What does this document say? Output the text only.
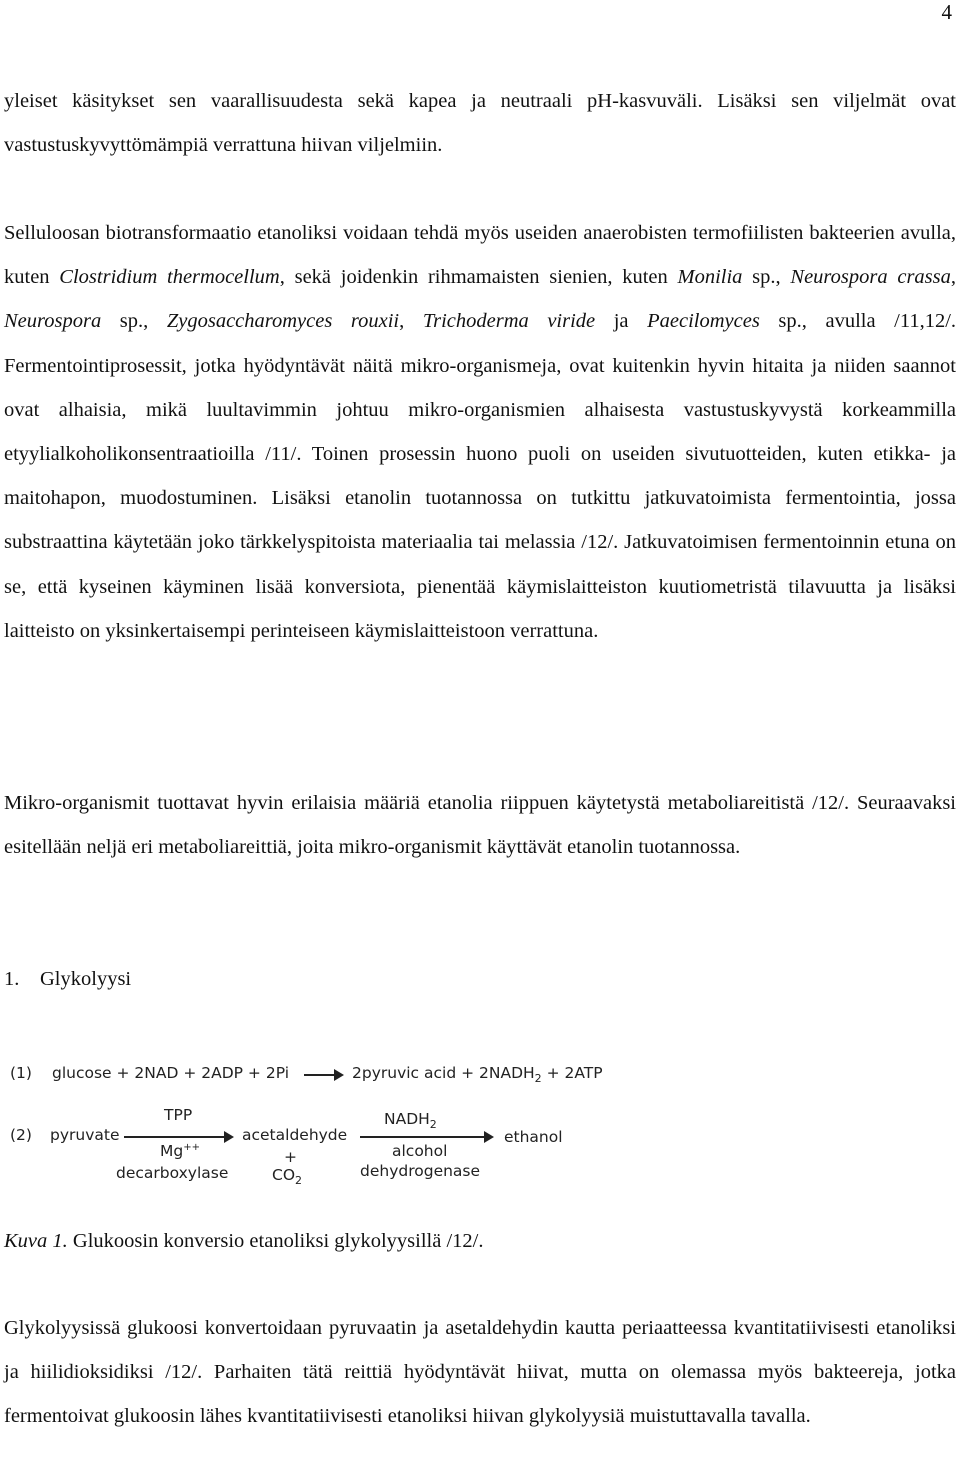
4

yleiset käsitykset sen vaarallisuudesta sekä kapea ja neutraali pH-kasvuväli. Lisäksi sen viljelmät ovat vastustuskyvyttömämpiä verrattuna hiivan viljelmiin.

Selluloosan biotransformaatio etanoliksi voidaan tehdä myös useiden anaerobisten termofiilisten bakteerien avulla, kuten Clostridium thermocellum, sekä joidenkin rihmamaisten sienien, kuten Monilia sp., Neurospora crassa, Neurospora sp., Zygosaccharomyces rouxii, Trichoderma viride ja Paecilomyces sp., avulla /11,12/. Fermentointiprosessit, jotka hyödyntävät näitä mikro-organismeja, ovat kuitenkin hyvin hitaita ja niiden saannot ovat alhaisia, mikä luultavimmin johtuu mikro-organismien alhaisesta vastustuskyvystä korkeammilla etyylialkoholikonsentraatioilla /11/. Toinen prosessin huono puoli on useiden sivutuotteiden, kuten etikka- ja maitohapon, muodostuminen. Lisäksi etanolin tuotannossa on tutkittu jatkuvatoimista fermentointia, jossa substraattina käytetään joko tärkkelyspitoista materiaalia tai melassia /12/. Jatkuvatoimisen fermentoinnin etuna on se, että kyseinen käyminen lisää konversiota, pienentää käymislaitteiston kuutiometristä tilavuutta ja lisäksi laitteisto on yksinkertaisempi perinteiseen käymislaitteistoon verrattuna.

Mikro-organismit tuottavat hyvin erilaisia määriä etanolia riippuen käytetystä metaboliareitistä /12/. Seuraavaksi esitellään neljä eri metaboliareittiä, joita mikro-organismit käyttävät etanolin tuotannossa.

1. Glykolyysi
(1) glucose + 2NAD + 2ADP + 2Pi → 2pyruvic acid + $2NADH_2 + 2ATP$
(2) pyruvate
TPP
Mg++
decarboxylase
acetaldehyde
+
$CO_2$
$NADH_2$
alcohol
dehydrogenase
ethanol
Kuva 1. Glukoosin konversio etanoliksi glykolyysillä /12/.

Glykolyysissä glukoosi konvertoidaan pyruvaatin ja asetaldehydin kautta periaatteessa kvantitatiivisesti etanoliksi ja hiilidioksidiksi /12/. Parhaiten tätä reittiä hyödyntävät hiivat, mutta on olemassa myös bakteereja, jotka fermentoivat glukoosin lähes kvantitatiivisesti etanoliksi hiivan glykolyysiä muistuttavalla tavalla.
